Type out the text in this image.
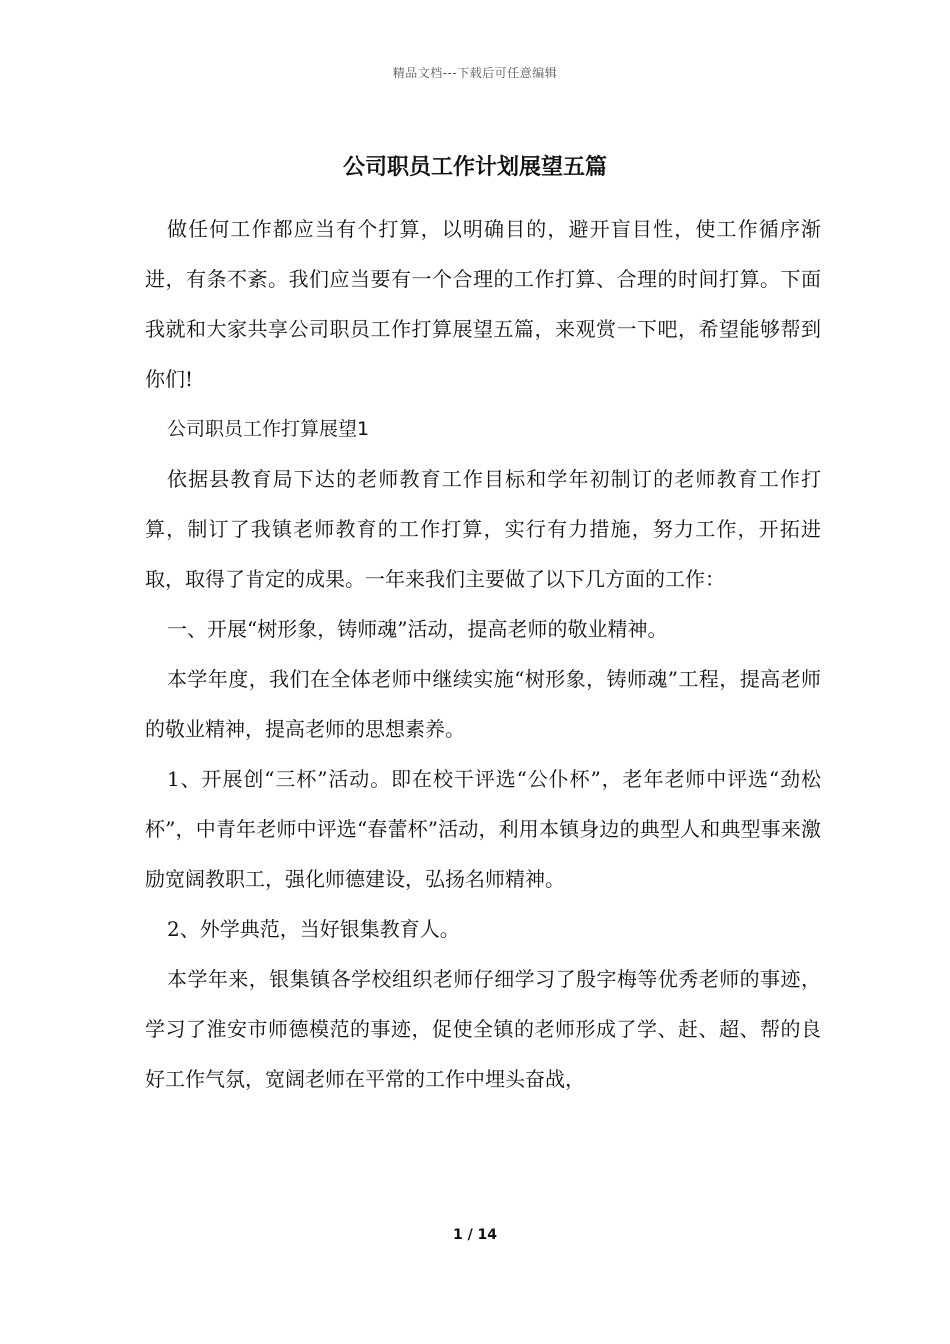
精品文档---下载后可任意编辑
公司职员工作计划展望五篇

做任何工作都应当有个打算，以明确目的，避开盲目性，使工作循序渐进，有条不紊。我们应当要有一个合理的工作打算、合理的时间打算。下面我就和大家共享公司职员工作打算展望五篇，来观赏一下吧，希望能够帮到你们!

公司职员工作打算展望1

依据县教育局下达的老师教育工作目标和学年初制订的老师教育工作打算，制订了我镇老师教育的工作打算，实行有力措施，努力工作，开拓进取，取得了肯定的成果。一年来我们主要做了以下几方面的工作：

一、开展“树形象，铸师魂”活动，提高老师的敬业精神。

本学年度，我们在全体老师中继续实施“树形象，铸师魂”工程，提高老师的敬业精神，提高老师的思想素养。

1、开展创“三杯”活动。即在校干评选“公仆杯”，老年老师中评选“劲松杯”，中青年老师中评选“春蕾杯”活动，利用本镇身边的典型人和典型事来激励宽阔教职工，强化师德建设，弘扬名师精神。

2、外学典范，当好银集教育人。

本学年来，银集镇各学校组织老师仔细学习了殷字梅等优秀老师的事迹，学习了淮安市师德模范的事迹，促使全镇的老师形成了学、赶、超、帮的良好工作气氛，宽阔老师在平常的工作中埋头奋战，

1 / 14
